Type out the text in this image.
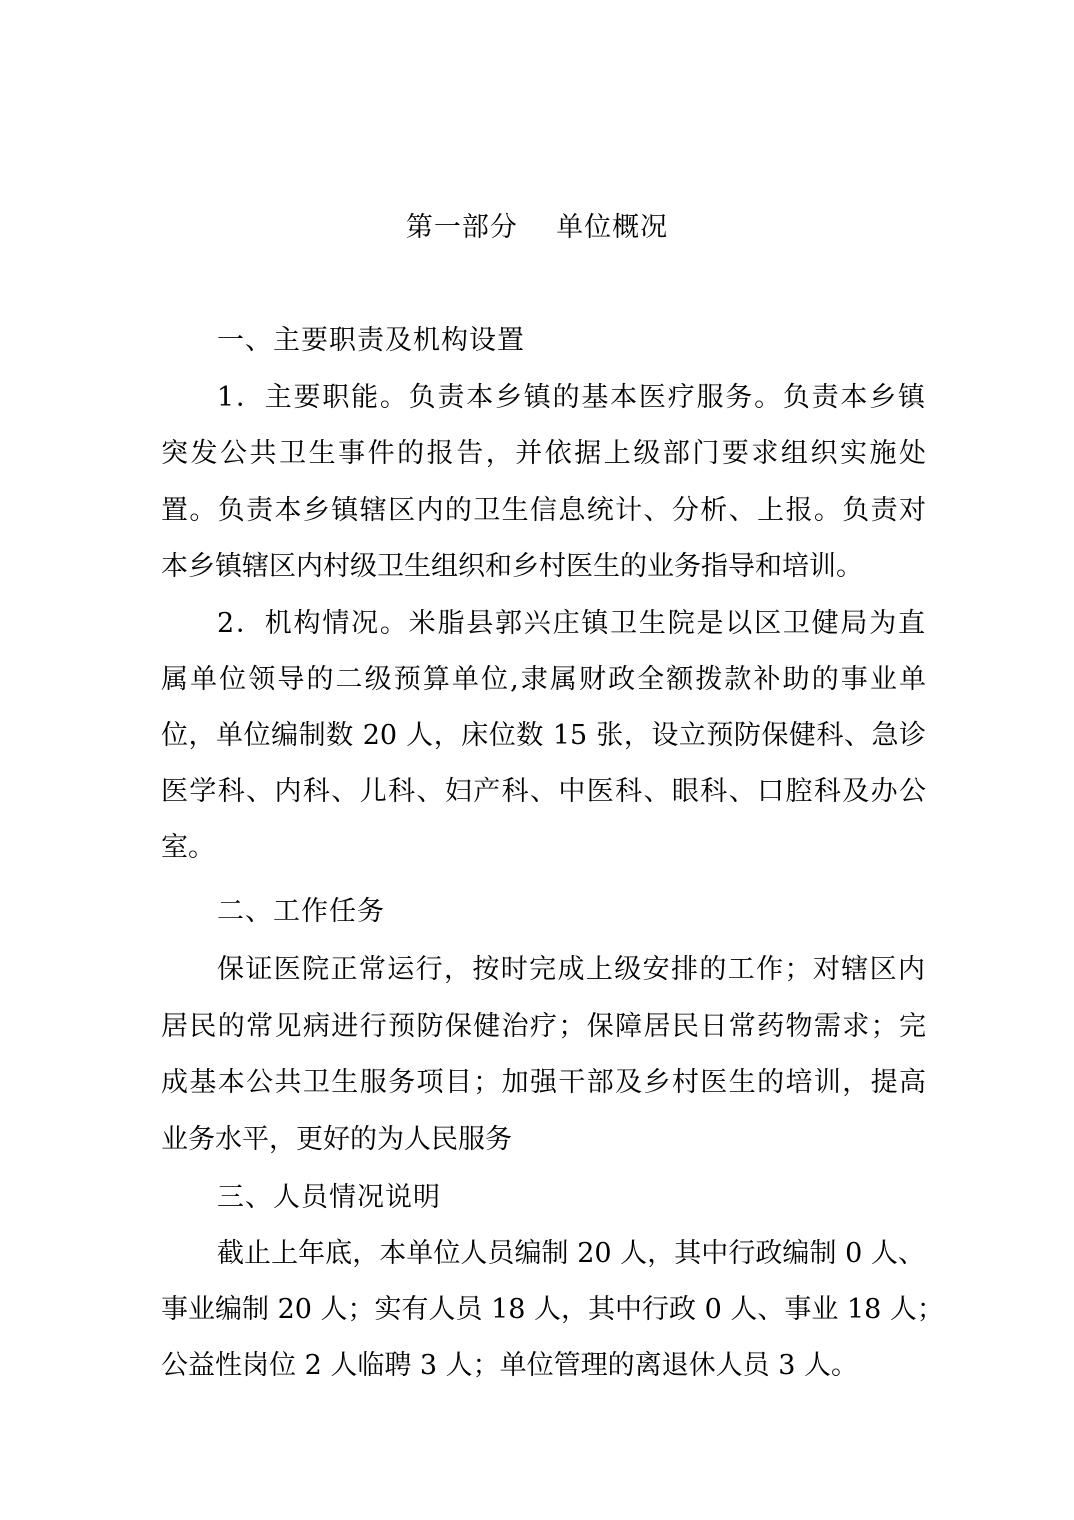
第一部分    单位概况
一、主要职责及机构设置
1．主要职能。负责本乡镇的基本医疗服务。负责本乡镇
突发公共卫生事件的报告，并依据上级部门要求组织实施处
置。负责本乡镇辖区内的卫生信息统计、分析、上报。负责对
本乡镇辖区内村级卫生组织和乡村医生的业务指导和培训。
2．机构情况。米脂县郭兴庄镇卫生院是以区卫健局为直
属单位领导的二级预算单位,隶属财政全额拨款补助的事业单
位，单位编制数 20 人，床位数 15 张，设立预防保健科、急诊
医学科、内科、儿科、妇产科、中医科、眼科、口腔科及办公
室。
二、工作任务
保证医院正常运行，按时完成上级安排的工作；对辖区内
居民的常见病进行预防保健治疗；保障居民日常药物需求；完
成基本公共卫生服务项目；加强干部及乡村医生的培训，提高
业务水平，更好的为人民服务
三、人员情况说明
截止上年底，本单位人员编制 20 人，其中行政编制 0 人、
事业编制 20 人；实有人员 18 人，其中行政 0 人、事业 18 人；
公益性岗位 2 人临聘 3 人；单位管理的离退休人员 3 人。
